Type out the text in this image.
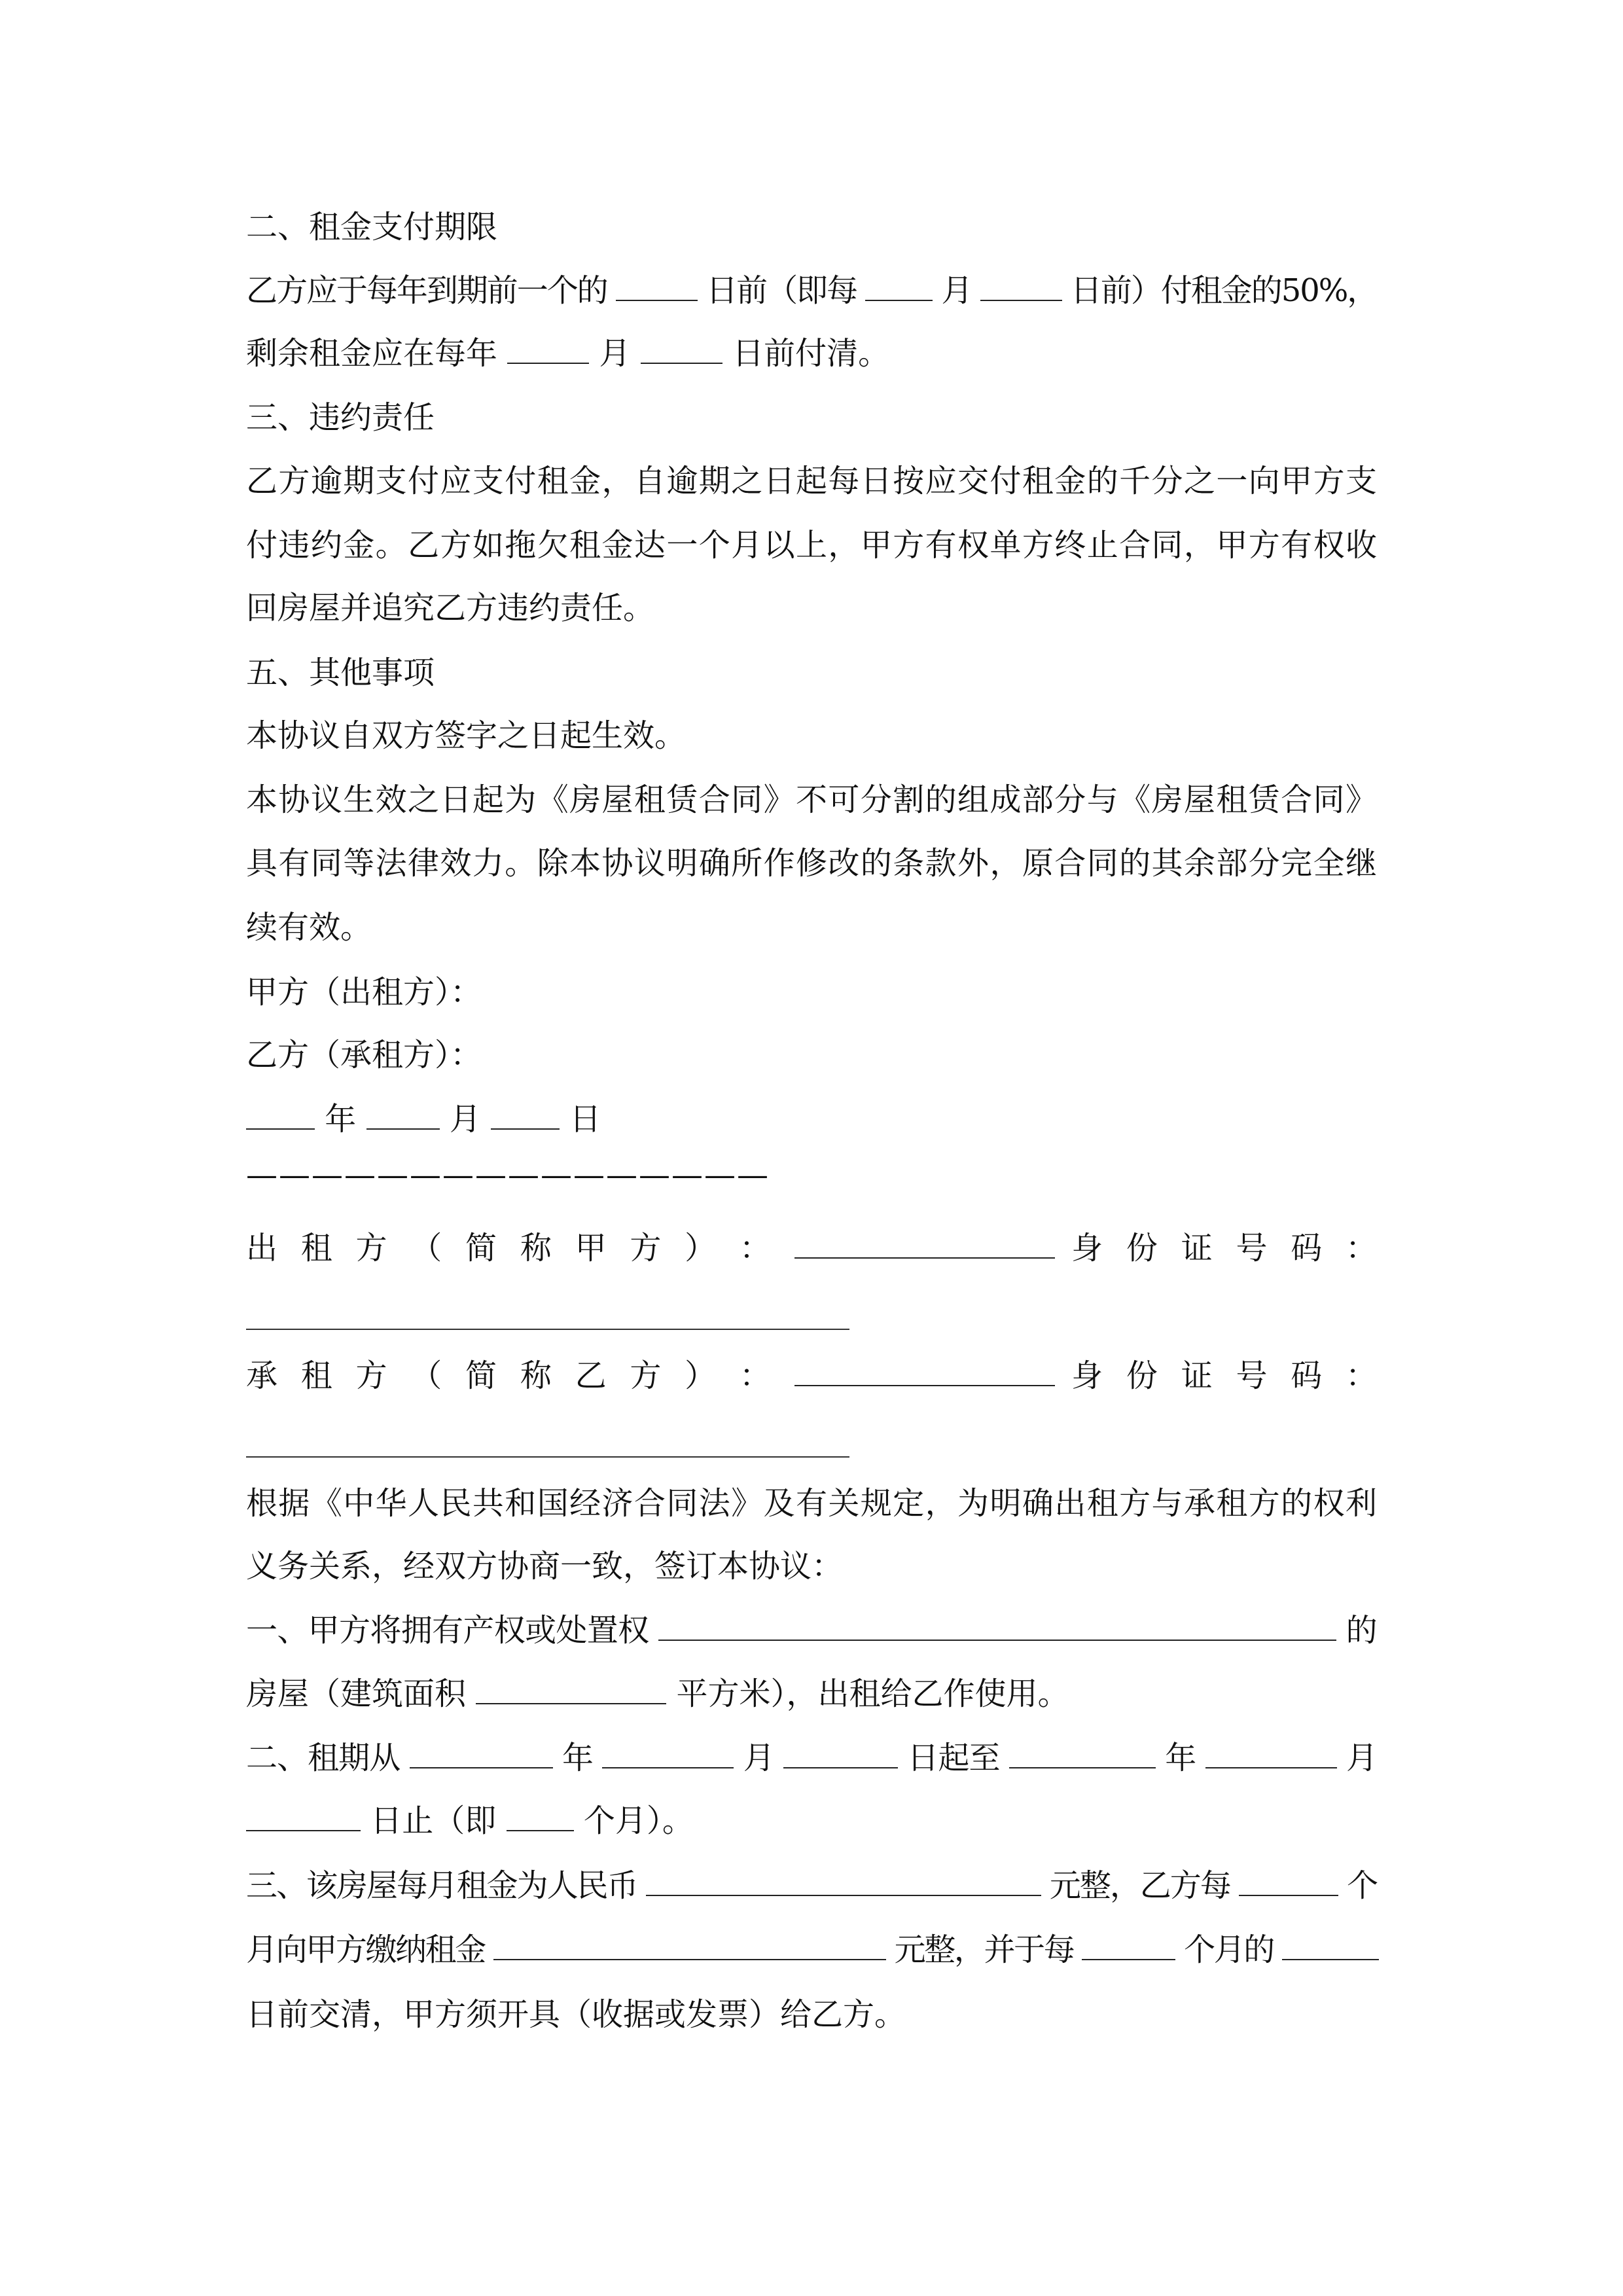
二、租金支付期限
乙方应于每年到期前一个的	日前（即每	月	日前）付租金的50%，
剩余租金应在每年	月	日前付清。
三、违约责任
乙方逾期支付应支付租金，自逾期之日起每日按应交付租金的千分之一向甲方支
付违约金。乙方如拖欠租金达一个月以上，甲方有权单方终止合同，甲方有权收
回房屋并追究乙方违约责任。
五、其他事项
本协议自双方签字之日起生效。
本协议生效之日起为《房屋租赁合同》不可分割的组成部分与《房屋租赁合同》
具有同等法律效力。除本协议明确所作修改的条款外，原合同的其余部分完全继
续有效。
甲方（出租方）：
乙方（承租方）：
年	月	日
————————————————
出 租 方 （ 简 称 甲 方 ） ：	身 份 证 号 码 ：
承 租 方 （ 简 称 乙 方 ） ：	身 份 证 号 码 ：
根据《中华人民共和国经济合同法》及有关规定，为明确出租方与承租方的权利
义务关系，经双方协商一致，签订本协议：
一、甲方将拥有产权或处置权	的
房屋（建筑面积	平方米），出租给乙作使用。
二、租期从	年	月	日起至	年	月
日止（即	个月）。
三、该房屋每月租金为人民币	元整，乙方每	个
月向甲方缴纳租金	元整，并于每	个月的
日前交清，甲方须开具（收据或发票）给乙方。
